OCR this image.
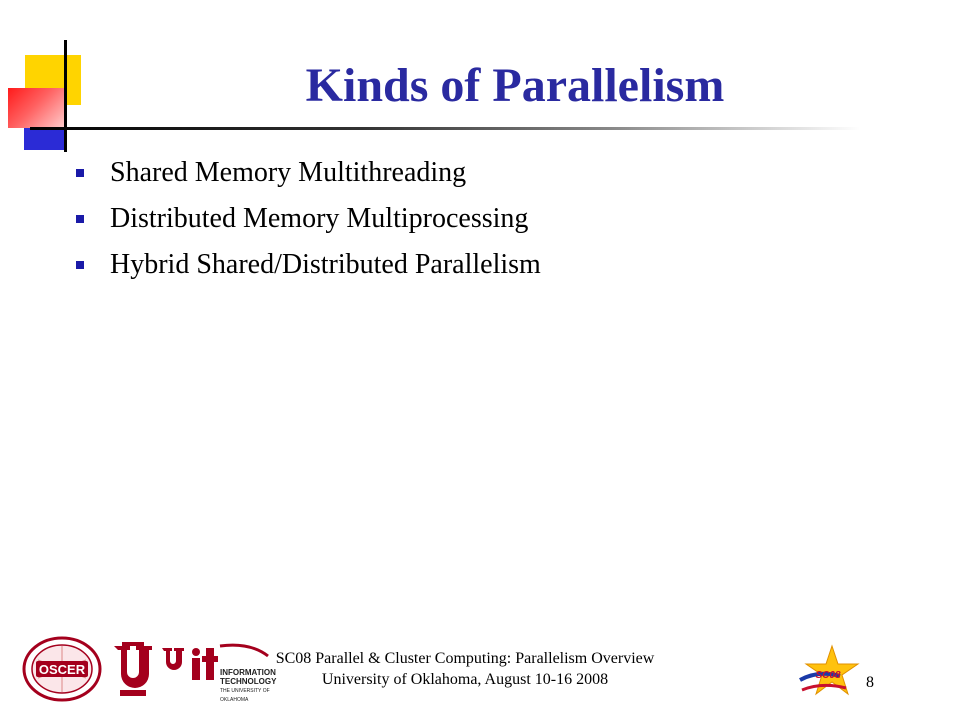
Kinds of Parallelism
Shared Memory Multithreading
Distributed Memory Multiprocessing
Hybrid Shared/Distributed Parallelism
OSCER	INFORMATION
TECHNOLOGY
THE UNIVERSITY OF OKLAHOMA
SC08 Parallel & Cluster Computing: Parallelism Overview
University of Oklahoma, August 10-16 2008	SC08 8
